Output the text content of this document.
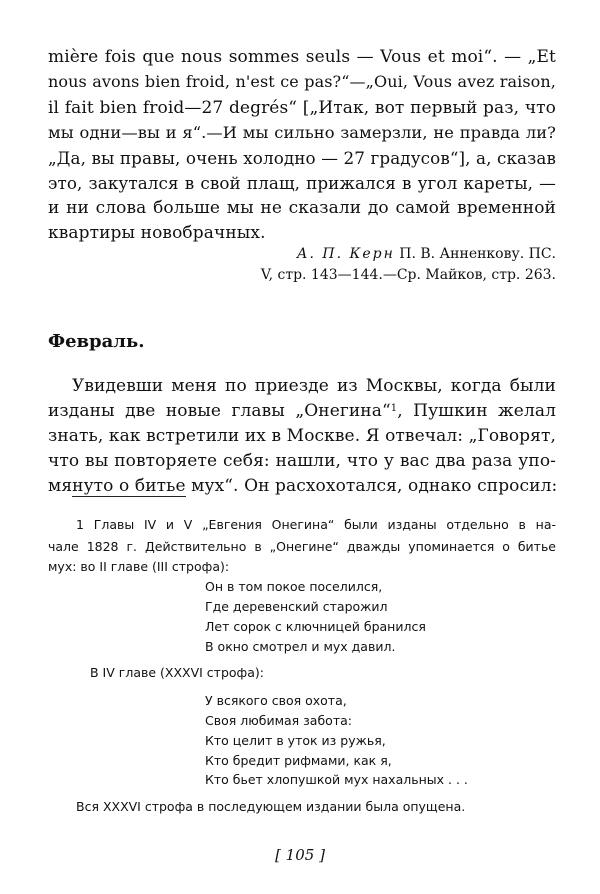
mière fois que nous sommes seuls — Vous et moi“. — „Et

nous avons bien froid, n'est ce pas?“—„Oui, Vous avez raison,

il fait bien froid—27 degrés“ [„Итак, вот первый раз, что

мы одни—вы и я“.—И мы сильно замерзли, не правда ли?

„Да, вы правы, очень холодно — 27 градусов“], а, сказав

это, закутался в свой плащ, прижался в угол кареты, —

и ни слова больше мы не сказали до самой временной

квартиры новобрачных.

А. П. Керн П. В. Анненкову. ПС.

V, стр. 143—144.—Ср. Майков, стр. 263.

Февраль.

Увидевши меня по приезде из Москвы, когда были

изданы две новые главы „Онегина“$^1$, Пушкин желал

знать, как встретили их в Москве. Я отвечал: „Говорят,

что вы повторяете себя: нашли, что у вас два раза упо-

мянуто о битье мух“. Он расхохотался, однако спросил:

1 Главы IV и V „Евгения Онегина“ были изданы отдельно в на-

чале 1828 г. Действительно в „Онегине“ дважды упоминается о битье

мух: во II главе (III строфа):

Он в том покое поселился,

Где деревенский старожил

Лет сорок с ключницей бранился

В окно смотрел и мух давил.

В IV главе (XXXVI строфа):

У всякого своя охота,

Своя любимая забота:

Кто целит в уток из ружья,

Кто бредит рифмами, как я,

Кто бьет хлопушкой мух нахальных . . .

Вся XXXVI строфа в последующем издании была опущена.

[ 105 ]
